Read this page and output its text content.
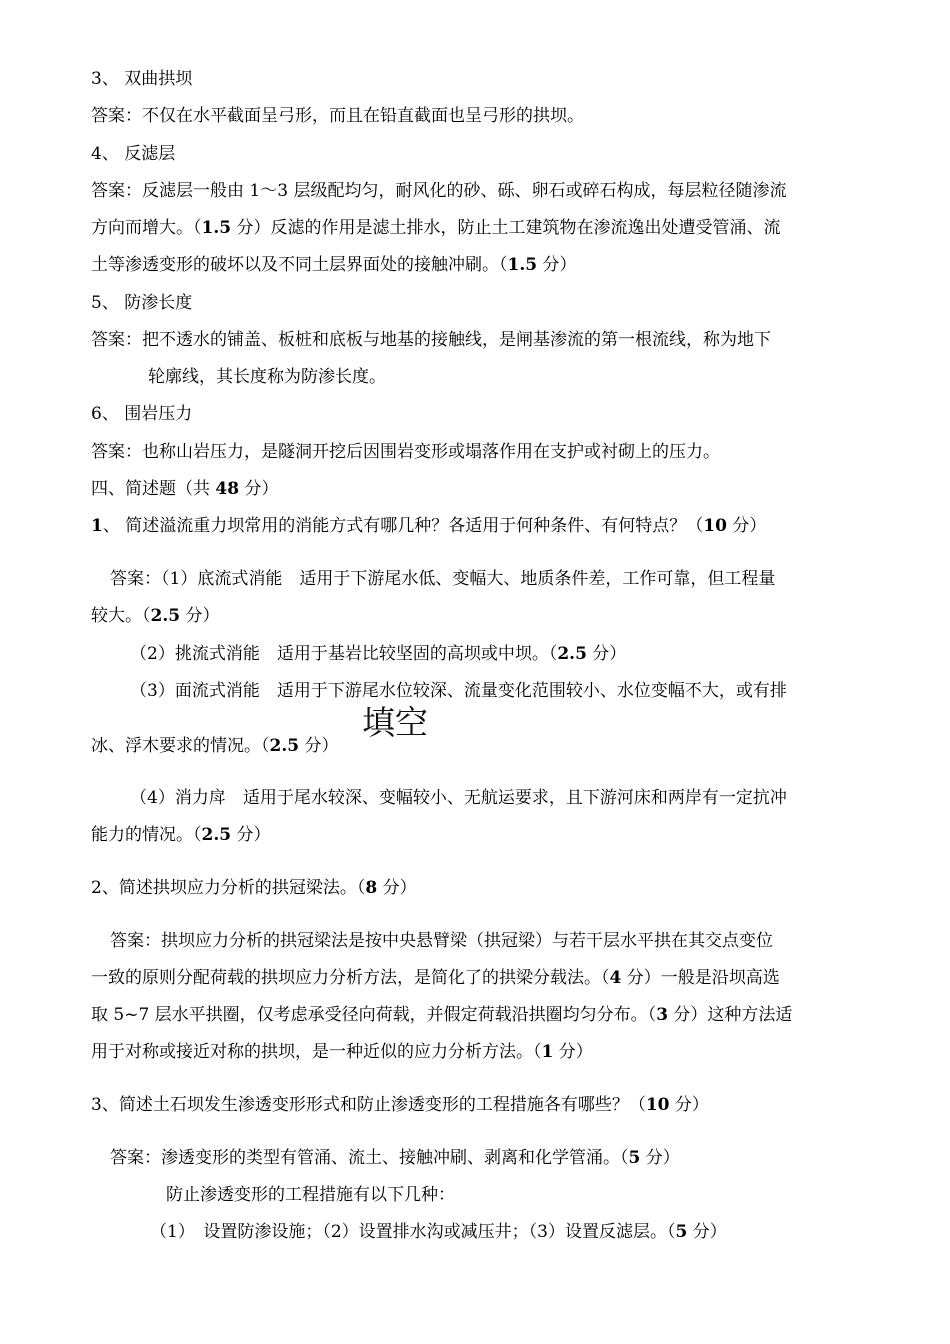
3、 双曲拱坝
答案：不仅在水平截面呈弓形，而且在铅直截面也呈弓形的拱坝。
4、 反滤层
答案：反滤层一般由 1～3 层级配均匀，耐风化的砂、砾、卵石或碎石构成，每层粒径随渗流
方向而增大。（1.5 分）反滤的作用是滤土排水，防止土工建筑物在渗流逸出处遭受管涌、流
土等渗透变形的破坏以及不同土层界面处的接触冲刷。（1.5 分）
5、 防渗长度
答案：把不透水的铺盖、板桩和底板与地基的接触线，是闸基渗流的第一根流线，称为地下
轮廓线，其长度称为防渗长度。
6、 围岩压力
答案：也称山岩压力，是隧洞开挖后因围岩变形或塌落作用在支护或衬砌上的压力。
四、简述题（共 48 分）
1、 简述溢流重力坝常用的消能方式有哪几种？各适用于何种条件、有何特点？（10 分）
答案：（1）底流式消能　适用于下游尾水低、变幅大、地质条件差，工作可靠，但工程量
较大。（2.5 分）
（2）挑流式消能　适用于基岩比较坚固的高坝或中坝。（2.5 分）
（3）面流式消能　适用于下游尾水位较深、流量变化范围较小、水位变幅不大，或有排
冰、浮木要求的情况。（2.5 分）
填空
（4）消力戽　适用于尾水较深、变幅较小、无航运要求，且下游河床和两岸有一定抗冲
能力的情况。（2.5 分）
2、简述拱坝应力分析的拱冠梁法。（8 分）
答案：拱坝应力分析的拱冠梁法是按中央悬臂梁（拱冠梁）与若干层水平拱在其交点变位
一致的原则分配荷载的拱坝应力分析方法，是简化了的拱梁分载法。（4 分）一般是沿坝高选
取 5~7 层水平拱圈，仅考虑承受径向荷载，并假定荷载沿拱圈均匀分布。（3 分）这种方法适
用于对称或接近对称的拱坝，是一种近似的应力分析方法。（1 分）
3、简述土石坝发生渗透变形形式和防止渗透变形的工程措施各有哪些？（10 分）
答案：渗透变形的类型有管涌、流土、接触冲刷、剥离和化学管涌。（5 分）
防止渗透变形的工程措施有以下几种：
（1）　设置防渗设施；（2）设置排水沟或减压井；（3）设置反滤层。（5 分）
